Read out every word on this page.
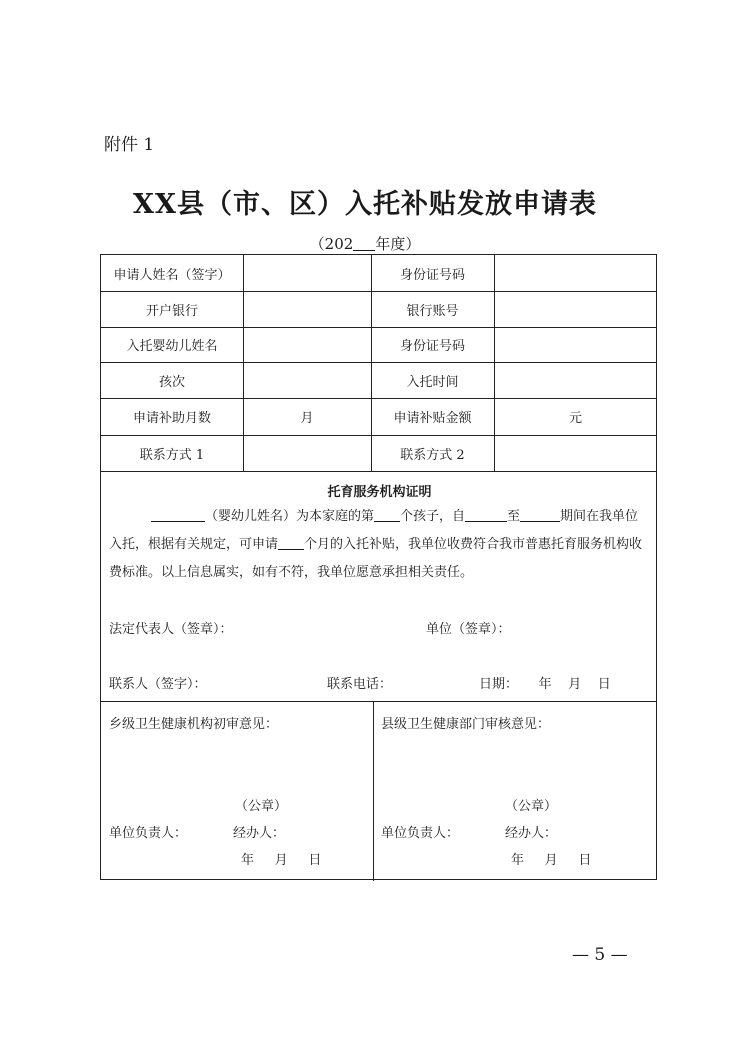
附件 1
XX县（市、区）入托补贴发放申请表
（202 年度）
申请人姓名（签字）	身份证号码
开户银行	银行账号
入托婴幼儿姓名	身份证号码
孩次	入托时间
申请补助月数	月	申请补贴金额	元
联系方式 1	联系方式 2
托育服务机构证明
（婴幼儿姓名）为本家庭的第 个孩子，自	至	期间在我单位
入托，根据有关规定，可申请 个月的入托补贴，我单位收费符合我市普惠托育服务机构收
费标准。以上信息属实，如有不符，我单位愿意承担相关责任。
法定代表人（签章）：	单位（签章）：
联系人（签字）：	联系电话：	日期：     年    月    日
乡级卫生健康机构初审意见：	县级卫生健康部门审核意见：
（公章）	（公章）
单位负责人：	经办人：	单位负责人：	经办人：
年     月     日	年     月     日
— 5 —
